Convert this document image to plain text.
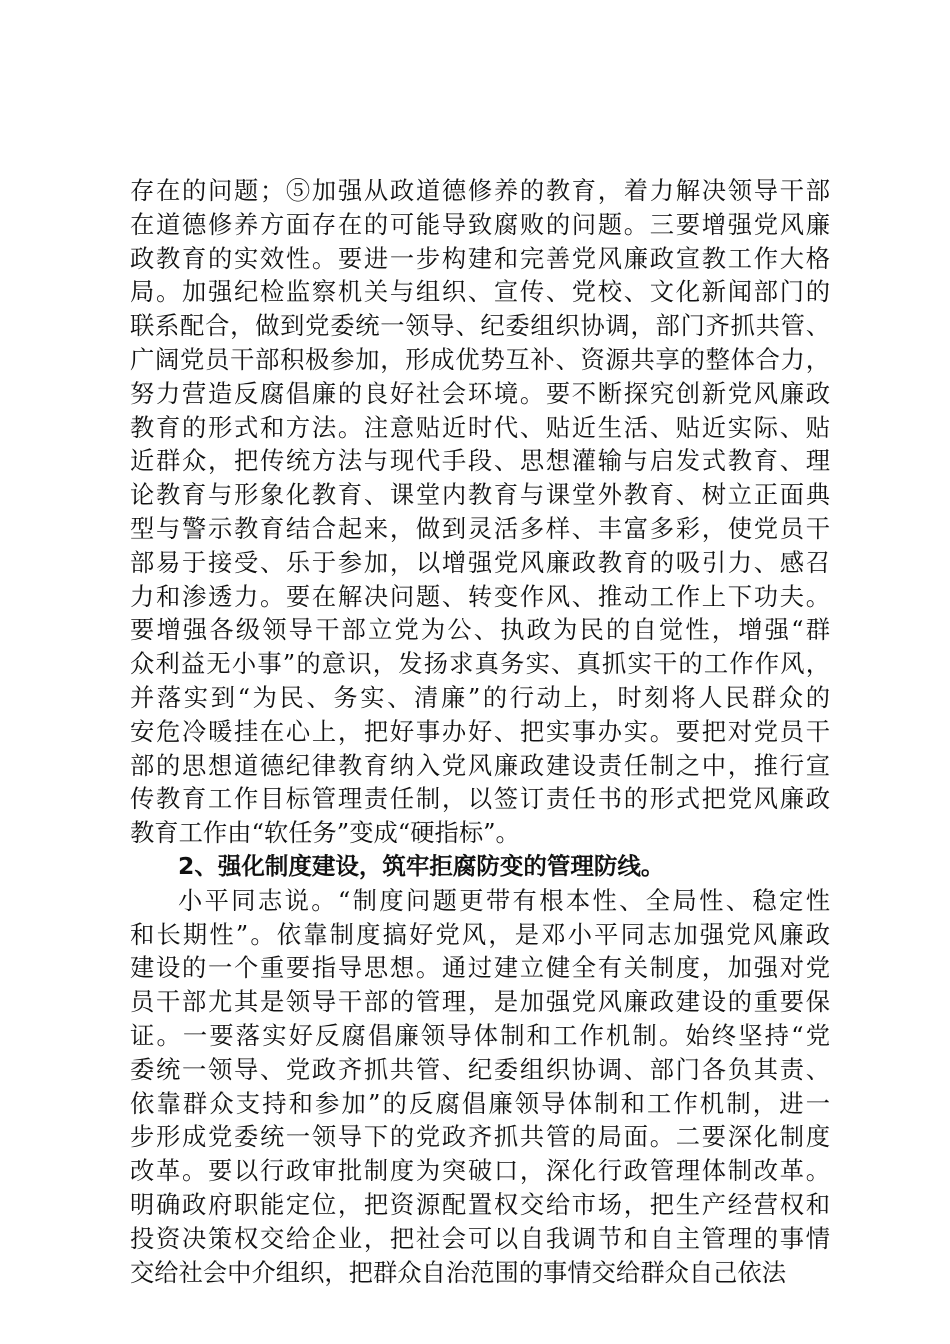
存在的问题；⑤加强从政道德修养的教育，着力解决领导干部
在道德修养方面存在的可能导致腐败的问题。三要增强党风廉
政教育的实效性。要进一步构建和完善党风廉政宣教工作大格
局。加强纪检监察机关与组织、宣传、党校、文化新闻部门的
联系配合，做到党委统一领导、纪委组织协调，部门齐抓共管、
广阔党员干部积极参加，形成优势互补、资源共享的整体合力，
努力营造反腐倡廉的良好社会环境。要不断探究创新党风廉政
教育的形式和方法。注意贴近时代、贴近生活、贴近实际、贴
近群众，把传统方法与现代手段、思想灌输与启发式教育、理
论教育与形象化教育、课堂内教育与课堂外教育、树立正面典
型与警示教育结合起来，做到灵活多样、丰富多彩，使党员干
部易于接受、乐于参加，以增强党风廉政教育的吸引力、感召
力和渗透力。要在解决问题、转变作风、推动工作上下功夫。
要增强各级领导干部立党为公、执政为民的自觉性，增强“群
众利益无小事”的意识，发扬求真务实、真抓实干的工作作风，
并落实到“为民、务实、清廉”的行动上，时刻将人民群众的
安危冷暖挂在心上，把好事办好、把实事办实。要把对党员干
部的思想道德纪律教育纳入党风廉政建设责任制之中，推行宣
传教育工作目标管理责任制，以签订责任书的形式把党风廉政
教育工作由“软任务”变成“硬指标”。
2、强化制度建设，筑牢拒腐防变的管理防线。
小平同志说。“制度问题更带有根本性、全局性、稳定性
和长期性”。依靠制度搞好党风，是邓小平同志加强党风廉政
建设的一个重要指导思想。通过建立健全有关制度，加强对党
员干部尤其是领导干部的管理，是加强党风廉政建设的重要保
证。一要落实好反腐倡廉领导体制和工作机制。始终坚持“党
委统一领导、党政齐抓共管、纪委组织协调、部门各负其责、
依靠群众支持和参加”的反腐倡廉领导体制和工作机制，进一
步形成党委统一领导下的党政齐抓共管的局面。二要深化制度
改革。要以行政审批制度为突破口，深化行政管理体制改革。
明确政府职能定位，把资源配置权交给市场，把生产经营权和
投资决策权交给企业，把社会可以自我调节和自主管理的事情
交给社会中介组织，把群众自治范围的事情交给群众自己依法
